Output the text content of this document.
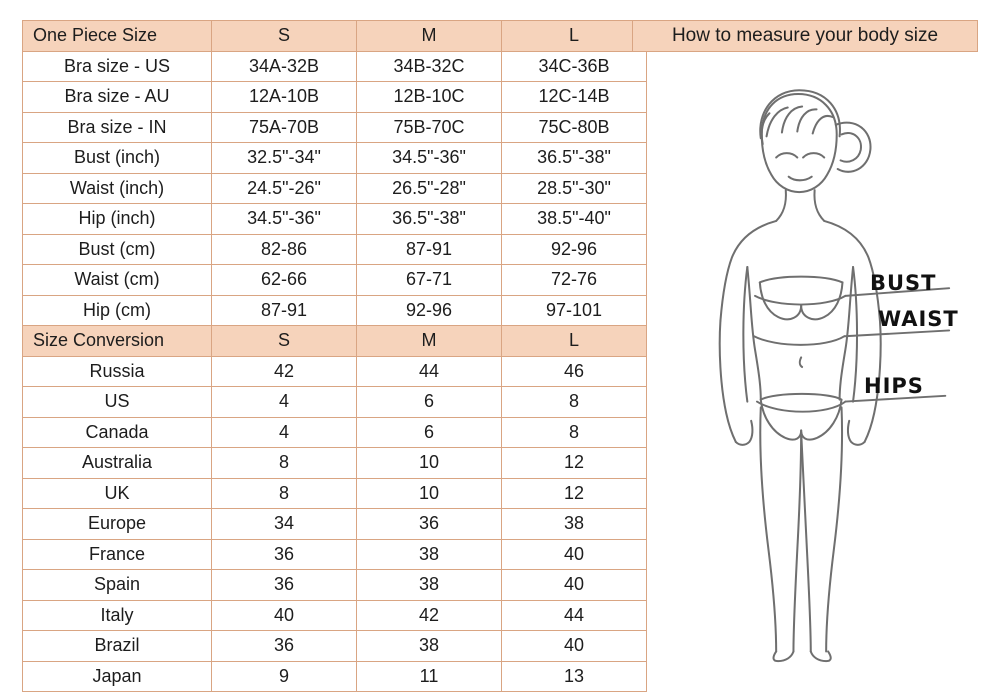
One Piece Size	S	M	L
Bra size - US	34A-32B	34B-32C	34C-36B
Bra size - AU	12A-10B	12B-10C	12C-14B
Bra size - IN	75A-70B	75B-70C	75C-80B
Bust (inch)	32.5"-34"	34.5"-36"	36.5"-38"
Waist (inch)	24.5"-26"	26.5"-28"	28.5"-30"
Hip (inch)	34.5"-36"	36.5"-38"	38.5"-40"
Bust (cm)	82-86	87-91	92-96
Waist (cm)	62-66	67-71	72-76
Hip (cm)	87-91	92-96	97-101
Size Conversion	S	M	L
Russia	42	44	46
US	4	6	8
Canada	4	6	8
Australia	8	10	12
UK	8	10	12
Europe	34	36	38
France	36	38	40
Spain	36	38	40
Italy	40	42	44
Brazil	36	38	40
Japan	9	11	13
How to measure your body size
BUST
WAIST
HIPS
